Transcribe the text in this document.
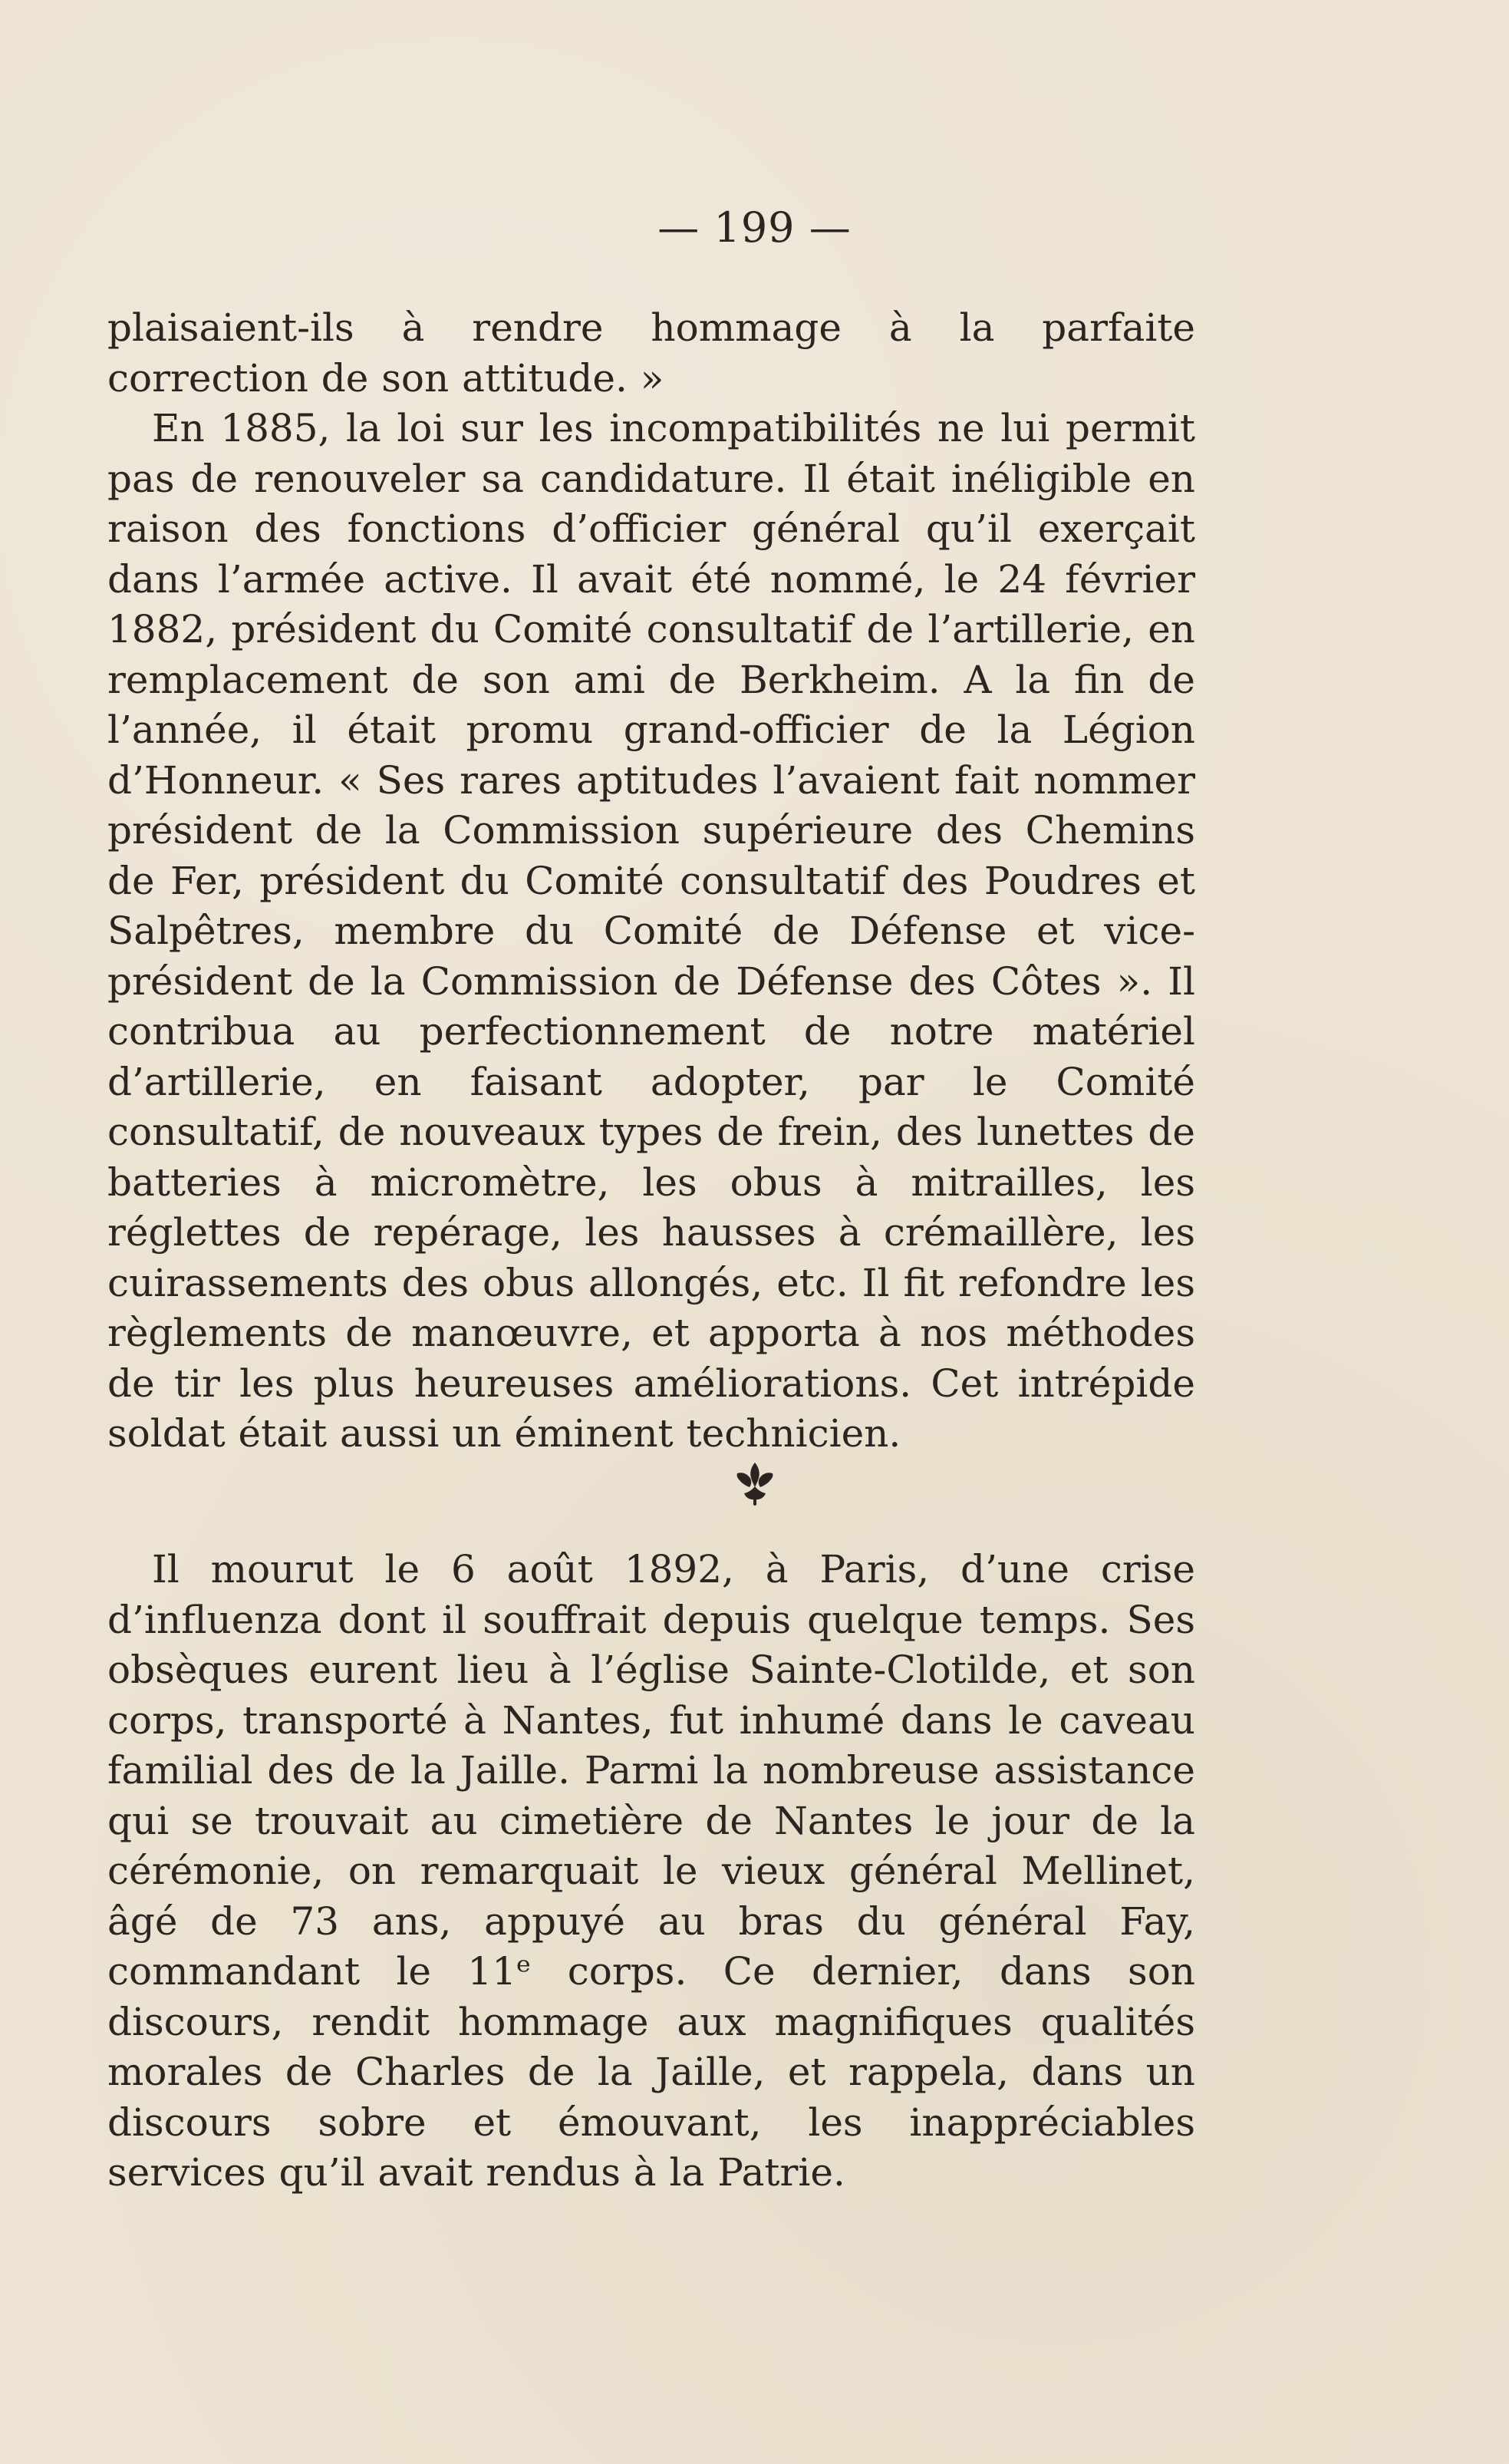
— 199 —

plaisaient-ils à rendre hommage à la parfaite correction de son attitude. »

En 1885, la loi sur les incompatibilités ne lui permit pas de renouveler sa candidature. Il était inéligible en raison des fonctions d’officier général qu’il exerçait dans l’armée active. Il avait été nommé, le 24 février 1882, président du Comité consultatif de l’artillerie, en remplacement de son ami de Berkheim. A la fin de l’année, il était promu grand-officier de la Légion d’Honneur. « Ses rares aptitudes l’avaient fait nommer président de la Commission supérieure des Chemins de Fer, président du Comité consultatif des Poudres et Salpêtres, membre du Comité de Défense et vice-président de la Commission de Défense des Côtes ». Il contribua au perfectionnement de notre matériel d’artillerie, en faisant adopter, par le Comité consultatif, de nouveaux types de frein, des lunettes de batteries à micromètre, les obus à mitrailles, les réglettes de repérage, les hausses à crémaillère, les cuirassements des obus allongés, etc. Il fit refondre les règlements de manœuvre, et apporta à nos méthodes de tir les plus heureuses améliorations. Cet intrépide soldat était aussi un éminent technicien.

Il mourut le 6 août 1892, à Paris, d’une crise d’influenza dont il souffrait depuis quelque temps. Ses obsèques eurent lieu à l’église Sainte-Clotilde, et son corps, transporté à Nantes, fut inhumé dans le caveau familial des de la Jaille. Parmi la nombreuse assistance qui se trouvait au cimetière de Nantes le jour de la cérémonie, on remarquait le vieux général Mellinet, âgé de 73 ans, appuyé au bras du général Fay, commandant le 11ᵉ corps. Ce dernier, dans son discours, rendit hommage aux magnifiques qualités morales de Charles de la Jaille, et rappela, dans un discours sobre et émouvant, les inappréciables services qu’il avait rendus à la Patrie.
